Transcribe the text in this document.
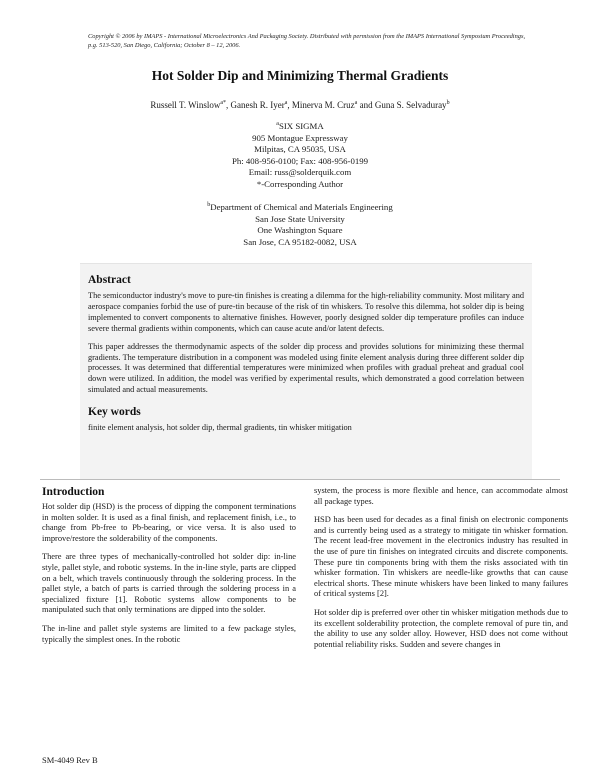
Copyright © 2006 by IMAPS - International Microelectronics And Packaging Society. Distributed with permission from the IMAPS International Symposium Proceedings, p.g. 513-520, San Diego, California; October 8 – 12, 2006.
Hot Solder Dip and Minimizing Thermal Gradients
Russell T. Winslow$^{a*}$, Ganesh R. Iyer$^a$, Minerva M. Cruz$^a$ and Guna S. Selvaduray$^b$
$^a$SIX SIGMA
905 Montague Expressway
Milpitas, CA 95035, USA
Ph: 408-956-0100; Fax: 408-956-0199
Email: russ@solderquik.com
*-Corresponding Author
$^b$Department of Chemical and Materials Engineering
San Jose State University
One Washington Square
San Jose, CA 95182-0082, USA
Abstract

The semiconductor industry's move to pure-tin finishes is creating a dilemma for the high-reliability community. Most military and aerospace companies forbid the use of pure-tin because of the risk of tin whiskers. To resolve this dilemma, hot solder dip is being implemented to convert components to alternative finishes. However, poorly designed solder dip temperature profiles can induce severe thermal gradients within components, which can cause acute and/or latent defects.

This paper addresses the thermodynamic aspects of the solder dip process and provides solutions for minimizing these thermal gradients. The temperature distribution in a component was modeled using finite element analysis during three different solder dip processes. It was determined that differential temperatures were minimized when profiles with gradual preheat and gradual cool down were utilized. In addition, the model was verified by experimental results, which demonstrated a good correlation between simulated and actual measurements.

Key words

finite element analysis, hot solder dip, thermal gradients, tin whisker mitigation

Introduction

Hot solder dip (HSD) is the process of dipping the component terminations in molten solder. It is used as a final finish, and replacement finish, i.e., to change from Pb-free to Pb-bearing, or vice versa. It is also used to improve/restore the solderability of the components.

There are three types of mechanically-controlled hot solder dip: in-line style, pallet style, and robotic systems. In the in-line style, parts are clipped on a belt, which travels continuously through the soldering process. In the pallet style, a batch of parts is carried through the soldering process in a specialized fixture [1]. Robotic systems allow components to be manipulated such that only terminations are dipped into the solder.

The in-line and pallet style systems are limited to a few package styles, typically the simplest ones. In the robotic

system, the process is more flexible and hence, can accommodate almost all package types.

HSD has been used for decades as a final finish on electronic components and is currently being used as a strategy to mitigate tin whisker formation. The recent lead-free movement in the electronics industry has resulted in the use of pure tin finishes on integrated circuits and discrete components. These pure tin components bring with them the risks associated with tin whisker formation. Tin whiskers are needle-like growths that can cause electrical shorts. These minute whiskers have been linked to many failures of critical systems [2].

Hot solder dip is preferred over other tin whisker mitigation methods due to its excellent solderability protection, the complete removal of pure tin, and the ability to use any solder alloy. However, HSD does not come without potential reliability risks. Sudden and severe changes in

SM-4049 Rev B
